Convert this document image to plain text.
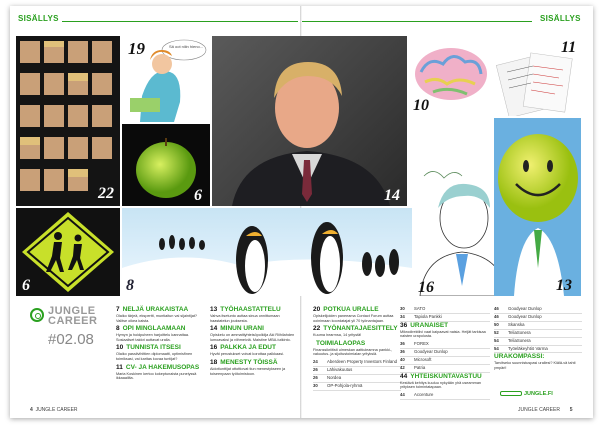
SISÄLLYS	SISÄLLYS
22
Sä oot niiin hieno...
19
6	14
10
11
6	8	16	13
JUNGLE
CAREER
#02.08
7 NELJÄ URAKAISTAA

Olaiko tärjeä, ekspertti, muntiaitun vai sijaintijat? Valitse oikea kaista.

8 OPI MINGLAAMAAN

Hymyn ja hoidpuheen harjoittelu kannattaa. Sosiaaliset taidot auttavat uralla.

10 TUNNISTA ITSESI

Olaiko passiivihittien diplomaatti, optimisfinen toimiksasi, vai karitas kovaa tuntijat?

11 CV- JA HAKEMUSOPAS

Maria Koskinen kertoo kokeptunaista puneiyssä ikkaaaiilta.

13 TYÖHAASTATTELU

Vahva itsetunto auttaa sinua onnittumaan haastatelun jouksesta.

14 MINUN URANI

Opiskelu on ammattiyhteisöpolkiija Aki Riihilahden lumoavaksi ja viihmeiviä. Maistine MBA-tutkinto.

16 PALKKA JA EDUT

Hyvät perustukset voivat korottaa palkkaasi.

18 MENESTY TÖISSÄ

Aidottunttijat ottottiovat tiun menestykseen ja toiseenpaan työtoimistoon.

20 POTKUA URALLE

Opiskelijoiden paneeama Contact Forum auttaa ooinimaan koordatajat yli 70 työnantajaan.

22 TYÖNANTAJAESITTELY

Kuuma hearmsa, 14 yritystä!

TOIMIALAOPAS

Finanssikriitisti ulmeskan aattiuleamna pankki-, vakuutus- ja sijoitustoimialan yrityksiä.

24	Aberdeen Property Investors Finland
26	Lähivakuutus
26	Nordea
30	OP-Pohjola-ryhmä
30	SATO
34	Tapiola Pankki
36 URANAISET

Mikrodirektiivi vaat kaipaavat naisia. Heijät tarkisaa naisten urapolusta.

36	FOREX
36	Goodyear Dunlop
40	Microsoft
42	Patria
44 YHTEISKUNTAVASTUU

Kestävä kehitys kuuluu nykyään yhä useamman yrityksen toimintatapaan.

44	Accenture
46	Goodyear Dunlop
46	Goodyear Dunlop
50	Skanska
52	TeliaSonera
54	TeliaSonera
54	Työeläkeyhtiö Varma
URAKOMPASSI:

Tarvitseko suunnistuspasi urallesi? Kiälä-vä tahti ympäri!

4 JUNGLE CAREER
JUNGLE.FI
JUNGLE CAREER 5
